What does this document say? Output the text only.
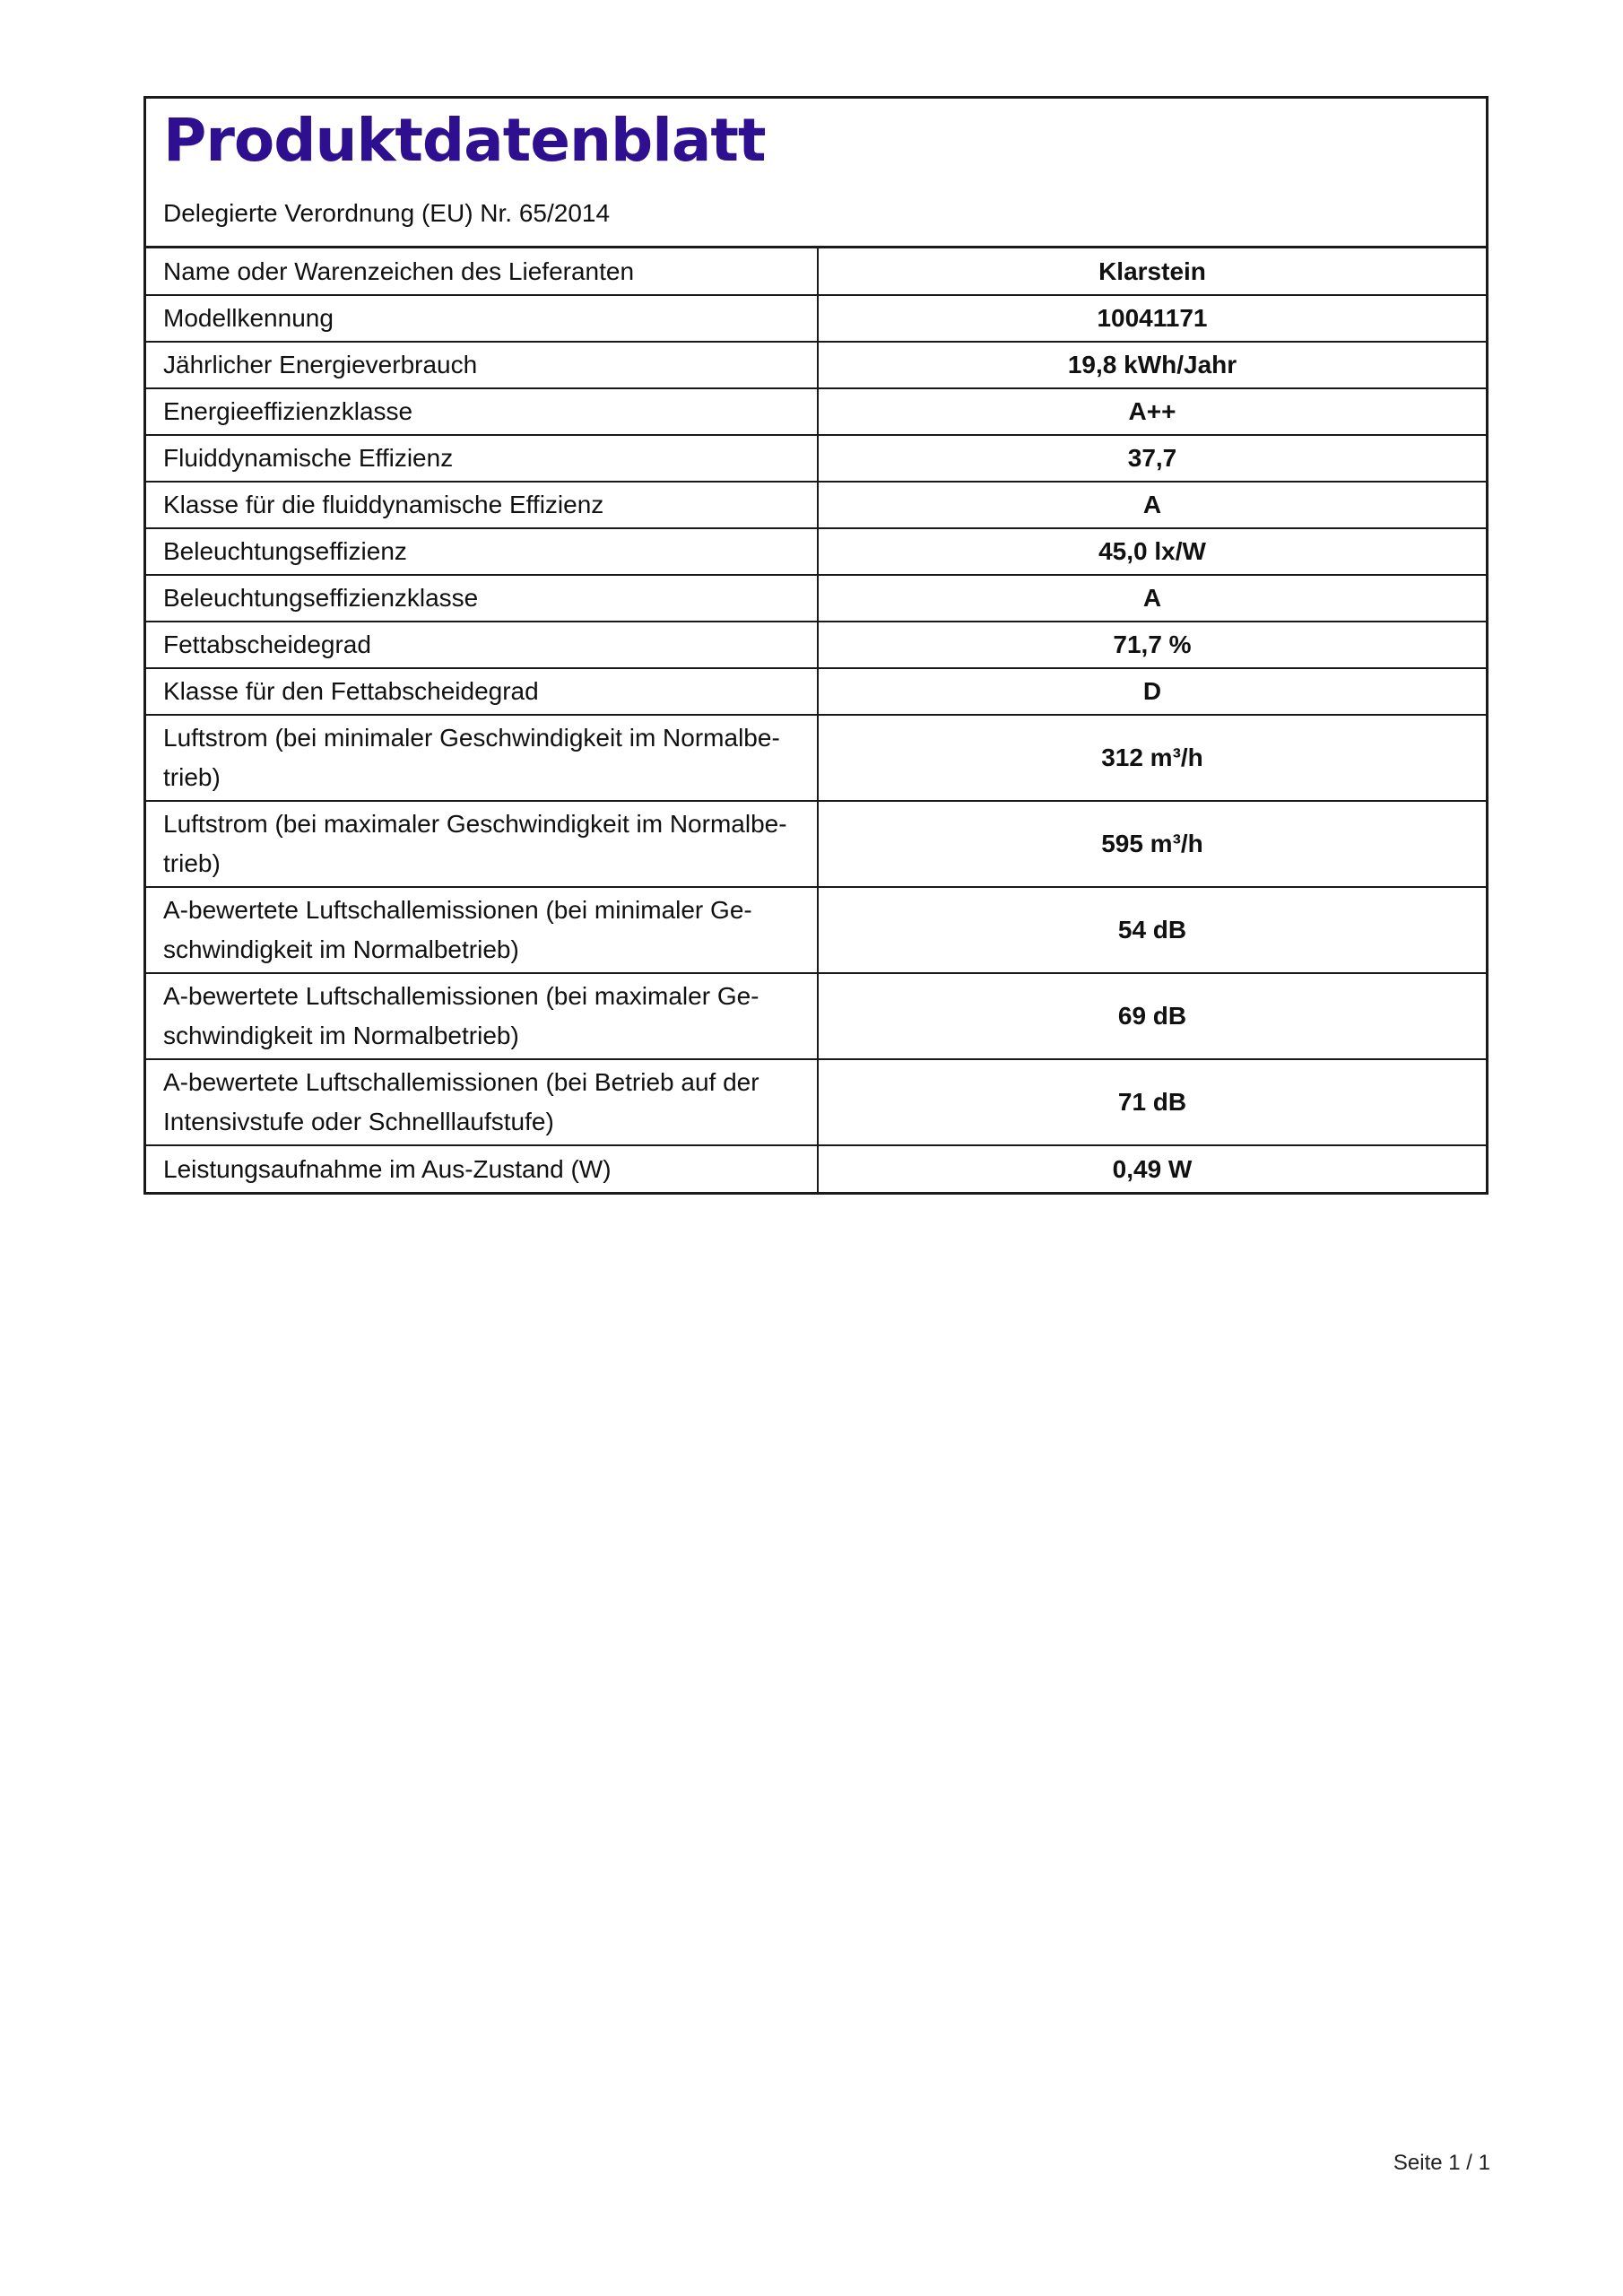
Produktdatenblatt

Delegierte Verordnung (EU) Nr. 65/2014

Name oder Warenzeichen des Lieferanten	Klarstein
Modellkennung	10041171
Jährlicher Energieverbrauch	19,8 kWh/Jahr
Energieeffizienzklasse	A++
Fluiddynamische Effizienz	37,7
Klasse für die fluiddynamische Effizienz	A
Beleuchtungseffizienz	45,0 lx/W
Beleuchtungseffizienzklasse	A
Fettabscheidegrad	71,7 %
Klasse für den Fettabscheidegrad	D
Luftstrom (bei minimaler Geschwindigkeit im Normalbe-
trieb)	312 m³/h
Luftstrom (bei maximaler Geschwindigkeit im Normalbe-
trieb)	595 m³/h
A-bewertete Luftschallemissionen (bei minimaler Ge-
schwindigkeit im Normalbetrieb)	54 dB
A-bewertete Luftschallemissionen (bei maximaler Ge-
schwindigkeit im Normalbetrieb)	69 dB
A-bewertete Luftschallemissionen (bei Betrieb auf der
Intensivstufe oder Schnelllaufstufe)	71 dB
Leistungsaufnahme im Aus-Zustand (W)	0,49 W
Seite 1 / 1
